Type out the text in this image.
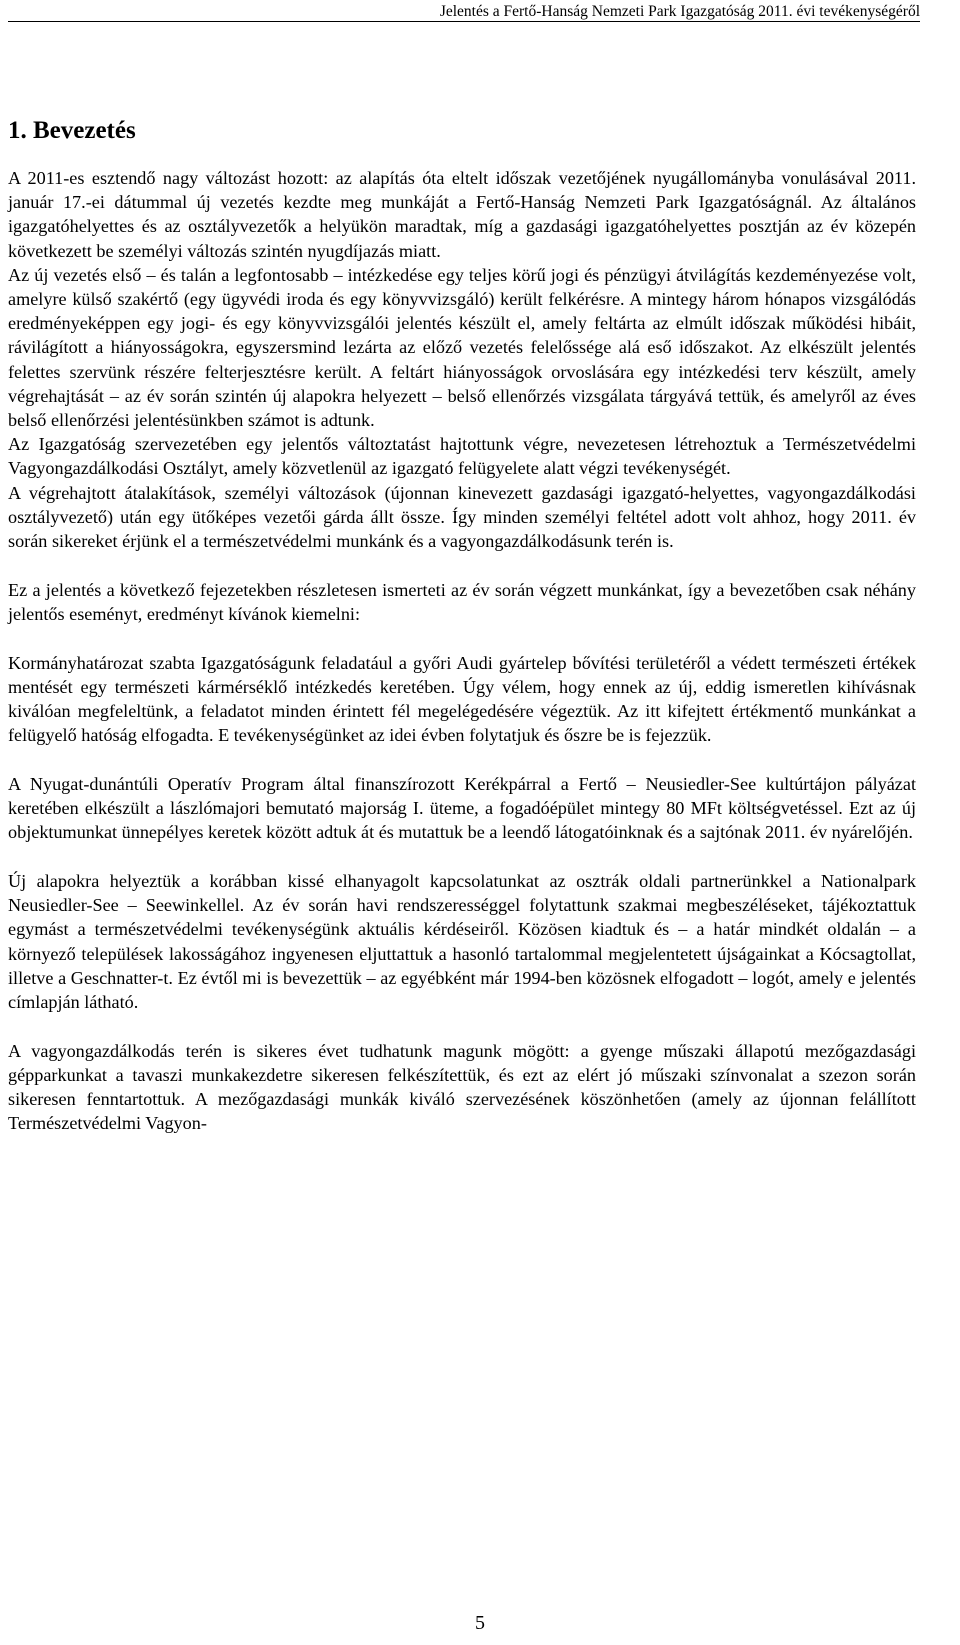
Jelentés a Fertő-Hanság Nemzeti Park Igazgatóság 2011. évi tevékenységéről
1. Bevezetés

A 2011-es esztendő nagy változást hozott: az alapítás óta eltelt időszak vezetőjének nyugállományba vonulásával 2011. január 17.-ei dátummal új vezetés kezdte meg munkáját a Fertő-Hanság Nemzeti Park Igazgatóságnál. Az általános igazgatóhelyettes és az osztályvezetők a helyükön maradtak, míg a gazdasági igazgatóhelyettes posztján az év közepén következett be személyi változás szintén nyugdíjazás miatt.

Az új vezetés első – és talán a legfontosabb – intézkedése egy teljes körű jogi és pénzügyi átvilágítás kezdeményezése volt, amelyre külső szakértő (egy ügyvédi iroda és egy könyvvizsgáló) került felkérésre. A mintegy három hónapos vizsgálódás eredményeképpen egy jogi- és egy könyvvizsgálói jelentés készült el, amely feltárta az elmúlt időszak működési hibáit, rávilágított a hiányosságokra, egyszersmind lezárta az előző vezetés felelőssége alá eső időszakot. Az elkészült jelentés felettes szervünk részére felterjesztésre került. A feltárt hiányosságok orvoslására egy intézkedési terv készült, amely végrehajtását – az év során szintén új alapokra helyezett – belső ellenőrzés vizsgálata tárgyává tettük, és amelyről az éves belső ellenőrzési jelentésünkben számot is adtunk.

Az Igazgatóság szervezetében egy jelentős változtatást hajtottunk végre, nevezetesen létrehoztuk a Természetvédelmi Vagyongazdálkodási Osztályt, amely közvetlenül az igazgató felügyelete alatt végzi tevékenységét.

A végrehajtott átalakítások, személyi változások (újonnan kinevezett gazdasági igazgató-helyettes, vagyongazdálkodási osztályvezető) után egy ütőképes vezetői gárda állt össze. Így minden személyi feltétel adott volt ahhoz, hogy 2011. év során sikereket érjünk el a természetvédelmi munkánk és a vagyongazdálkodásunk terén is.

Ez a jelentés a következő fejezetekben részletesen ismerteti az év során végzett munkánkat, így a bevezetőben csak néhány jelentős eseményt, eredményt kívánok kiemelni:

Kormányhatározat szabta Igazgatóságunk feladatául a győri Audi gyártelep bővítési területéről a védett természeti értékek mentését egy természeti kármérséklő intézkedés keretében. Úgy vélem, hogy ennek az új, eddig ismeretlen kihívásnak kiválóan megfeleltünk, a feladatot minden érintett fél megelégedésére végeztük. Az itt kifejtett értékmentő munkánkat a felügyelő hatóság elfogadta. E tevékenységünket az idei évben folytatjuk és őszre be is fejezzük.

A Nyugat-dunántúli Operatív Program által finanszírozott Kerékpárral a Fertő – Neusiedler-See kultúrtájon pályázat keretében elkészült a lászlómajori bemutató majorság I. üteme, a fogadóépület mintegy 80 MFt költségvetéssel. Ezt az új objektumunkat ünnepélyes keretek között adtuk át és mutattuk be a leendő látogatóinknak és a sajtónak 2011. év nyárelőjén.

Új alapokra helyeztük a korábban kissé elhanyagolt kapcsolatunkat az osztrák oldali partnerünkkel a Nationalpark Neusiedler-See – Seewinkellel. Az év során havi rendszerességgel folytattunk szakmai megbeszéléseket, tájékoztattuk egymást a természetvédelmi tevékenységünk aktuális kérdéseiről. Közösen kiadtuk és – a határ mindkét oldalán – a környező települések lakosságához ingyenesen eljuttattuk a hasonló tartalommal megjelentetett újságainkat a Kócsagtollat, illetve a Geschnatter-t. Ez évtől mi is bevezettük – az egyébként már 1994-ben közösnek elfogadott – logót, amely e jelentés címlapján látható.

A vagyongazdálkodás terén is sikeres évet tudhatunk magunk mögött: a gyenge műszaki állapotú mezőgazdasági gépparkunkat a tavaszi munkakezdetre sikeresen felkészítettük, és ezt az elért jó műszaki színvonalat a szezon során sikeresen fenntartottuk. A mezőgazdasági munkák kiváló szervezésének köszönhetően (amely az újonnan felállított Természetvédelmi Vagyon-

5
